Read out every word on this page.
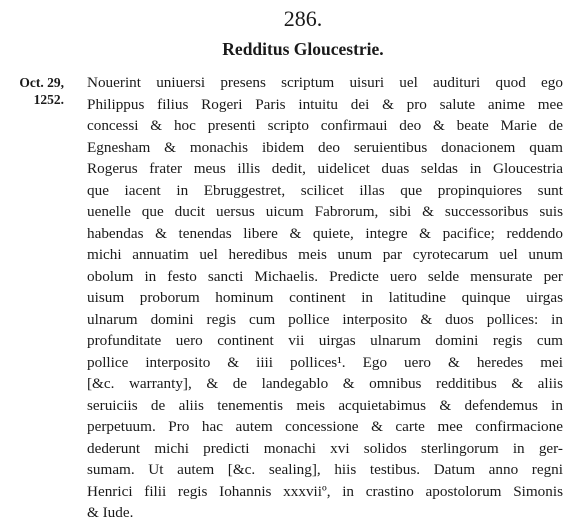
286.
Redditus Gloucestrie.
Oct. 29,
1252.
Nouerint uniuersi presens scriptum uisuri uel audituri quod ego
Philippus filius Rogeri Paris intuitu dei & pro salute anime mee
concessi & hoc presenti scripto confirmaui deo & beate Marie de
Egnesham & monachis ibidem deo seruientibus donacionem quam
Rogerus frater meus illis dedit, uidelicet duas seldas in Gloucestria
que iacent in Ebruggestret, scilicet illas que propinquiores sunt
uenelle que ducit uersus uicum Fabrorum, sibi & successoribus suis
habendas & tenendas libere & quiete, integre & pacifice; reddendo
michi annuatim uel heredibus meis unum par cyrotecarum uel unum
obolum in festo sancti Michaelis. Predicte uero selde mensurate per
uisum proborum hominum continent in latitudine quinque uirgas
ulnarum domini regis cum pollice interposito & duos pollices: in
profunditate uero continent vii uirgas ulnarum domini regis cum
pollice interposito & iiii pollices¹. Ego uero & heredes mei
[&c. warranty], & de landegablo & omnibus redditibus & aliis
seruiciis de aliis tenementis meis acquietabimus & defendemus in
perpetuum. Pro hac autem concessione & carte mee confirmacione
dederunt michi predicti monachi xvi solidos sterlingorum in ger-
sumam. Ut autem [&c. sealing], hiis testibus. Datum anno regni
Henrici filii regis Iohannis xxxviiº, in crastino apostolorum Simonis
& Iude.
